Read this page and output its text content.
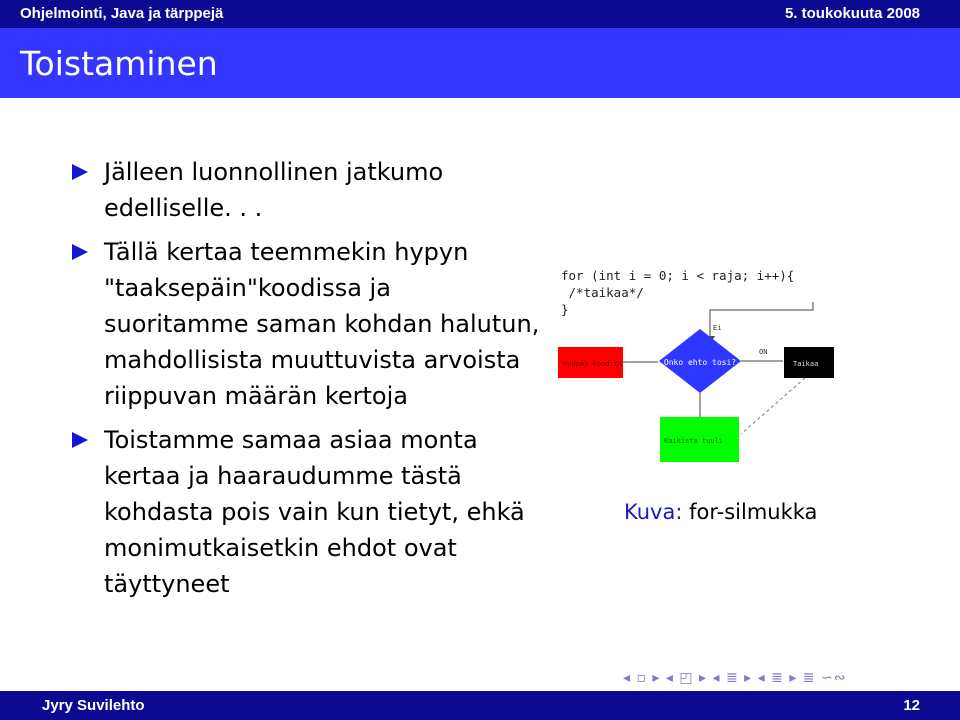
Ohjelmointi, Java ja tärppejä	5. toukokuuta 2008
Toistaminen
Jälleen luonnollinen jatkumo edelliselle. . .
Tällä kertaa teemmekin hypyn "taaksepäin"koodissa ja suoritamme saman kohdan halutun, mahdollisista muuttuvista arvoista riippuvan määrän kertoja
Toistamme samaa asiaa monta kertaa ja haaraudumme tästä kohdasta pois vain kun tietyt, ehkä monimutkaisetkin ehdot ovat täyttyneet
for (int i = 0; i < raja; i++){
/*taikaa*/
}
Hyppää koodiin	Onko ehto tosi?
Ei
ON
Taikaa
Kaikista tuuli
Kuva: for-silmukka
◂ ▫ ▸ ◂ ◰ ▸ ◂ ≣ ▸ ◂ ≣ ▸ ≣ ∽∾
Jyry Suvilehto	12
